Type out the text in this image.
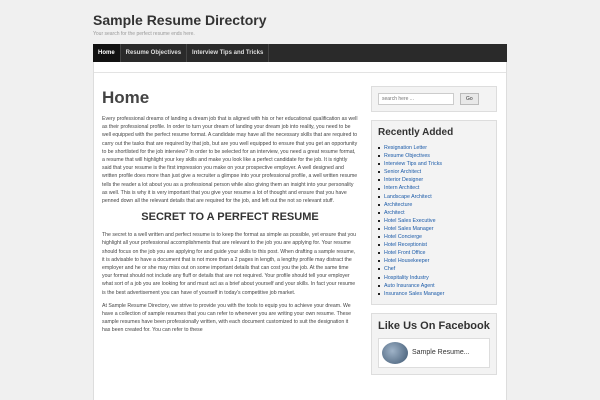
Sample Resume Directory
Your search for the perfect resume ends here.
Home	Resume Objectives	Interview Tips and Tricks
Home

Every professional dreams of landing a dream job that is aligned with his or her educational qualification as well as their professional profile. In order to turn your dream of landing your dream job into reality, you need to be well equipped with the perfect resume format. A candidate may have all the necessary skills that are required to carry out the tasks that are required by that job, but are you well equipped to ensure that you get an opportunity to be shortlisted for the job interview? In order to be selected for an interview, you need a great resume format, a resume that will highlight your key skills and make you look like a perfect candidate for the job. It is rightly said that your resume is the first impression you make on your prospective employer. A well designed and written profile does more than just give a recruiter a glimpse into your professional profile, a well written resume tells the reader a lot about you as a professional person while also giving them an insight into your personality as well. This is why it is very important that you give your resume a lot of thought and ensure that you have penned down all the relevant details that are required for the job, and left out the not so relevant stuff.

SECRET TO A PERFECT RESUME

The secret to a well written and perfect resume is to keep the format as simple as possible, yet ensure that you highlight all your professional accomplishments that are relevant to the job you are applying for. Your resume should focus on the job you are applying for and guide your skills to this post. When drafting a sample resume, it is advisable to have a document that is not more than a 2 pages in length, a lengthy profile may distract the employer and he or she may miss out on some important details that can cost you the job. At the same time your format should not include any fluff or details that are not required. Your profile should tell your employer what sort of a job you are looking for and must act as a brief about yourself and your skills. In fact your resume is the best advertisement you can have of yourself in today's competitive job market.

At Sample Resume Directory, we strive to provide you with the tools to equip you to achieve your dream. We have a collection of sample resumes that you can refer to whenever you are writing your own resume. These sample resumes have been professionally written, with each document customized to suit the designation it has been created for. You can refer to these

search here ...
Go
Recently Added
Resignation Letter
Resume Objectives
Interview Tips and Tricks
Senior Architect
Interior Designer
Intern Architect
Landscape Architect
Architecture
Architect
Hotel Sales Executive
Hotel Sales Manager
Hotel Concierge
Hotel Receptionist
Hotel Front Office
Hotel Housekeeper
Chef
Hospitality Industry
Auto Insurance Agent
Insurance Sales Manager
Like Us On Facebook
Sample Resume...
